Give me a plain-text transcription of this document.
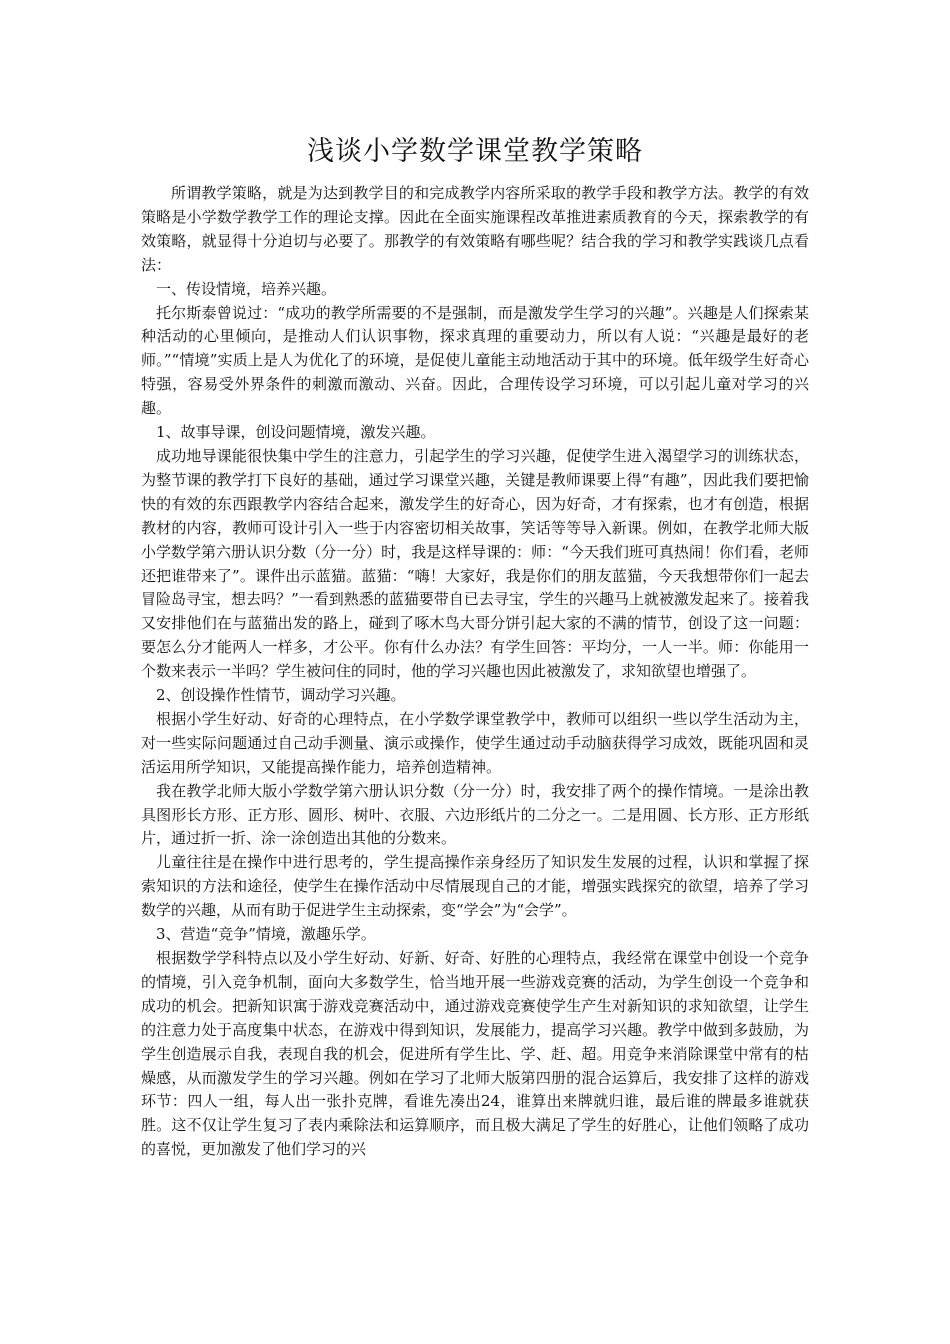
浅谈小学数学课堂教学策略

所谓教学策略，就是为达到教学目的和完成教学内容所采取的教学手段和教学方法。教学的有效策略是小学数学教学工作的理论支撑。因此在全面实施课程改革推进素质教育的今天，探索教学的有效策略，就显得十分迫切与必要了。那教学的有效策略有哪些呢？结合我的学习和教学实践谈几点看法：

一、传设情境，培养兴趣。

托尔斯泰曾说过：“成功的教学所需要的不是强制，而是激发学生学习的兴趣”。兴趣是人们探索某种活动的心里倾向，是推动人们认识事物，探求真理的重要动力，所以有人说：“兴趣是最好的老师。”“情境”实质上是人为优化了的环境，是促使儿童能主动地活动于其中的环境。低年级学生好奇心特强，容易受外界条件的刺激而激动、兴奋。因此，合理传设学习环境，可以引起儿童对学习的兴趣。

1、故事导课，创设问题情境，激发兴趣。

成功地导课能很快集中学生的注意力，引起学生的学习兴趣，促使学生进入渴望学习的训练状态，为整节课的教学打下良好的基础，通过学习课堂兴趣，关键是教师课要上得“有趣”，因此我们要把愉快的有效的东西跟教学内容结合起来，激发学生的好奇心，因为好奇，才有探索，也才有创造，根据教材的内容，教师可设计引入一些于内容密切相关故事，笑话等等导入新课。例如，在教学北师大版小学数学第六册认识分数（分一分）时，我是这样导课的：师：“今天我们班可真热闹！你们看，老师还把谁带来了”。课件出示蓝猫。蓝猫：“嗨！大家好，我是你们的朋友蓝猫，今天我想带你们一起去冒险岛寻宝，想去吗？”一看到熟悉的蓝猫要带自已去寻宝，学生的兴趣马上就被激发起来了。接着我又安排他们在与蓝猫出发的路上，碰到了啄木鸟大哥分饼引起大家的不满的情节，创设了这一问题：要怎么分才能两人一样多，才公平。你有什么办法？有学生回答：平均分，一人一半。师：你能用一个数来表示一半吗？学生被问住的同时，他的学习兴趣也因此被激发了，求知欲望也增强了。

2、创设操作性情节，调动学习兴趣。

根据小学生好动、好奇的心理特点，在小学数学课堂教学中，教师可以组织一些以学生活动为主，对一些实际问题通过自己动手测量、演示或操作，使学生通过动手动脑获得学习成效，既能巩固和灵活运用所学知识，又能提高操作能力，培养创造精神。

我在教学北师大版小学数学第六册认识分数（分一分）时，我安排了两个的操作情境。一是涂出教具图形长方形、正方形、圆形、树叶、衣服、六边形纸片的二分之一。二是用圆、长方形、正方形纸片，通过折一折、涂一涂创造出其他的分数来。

儿童往往是在操作中进行思考的，学生提高操作亲身经历了知识发生发展的过程，认识和掌握了探索知识的方法和途径，使学生在操作活动中尽情展现自己的才能，增强实践探究的欲望，培养了学习数学的兴趣，从而有助于促进学生主动探索，变“学会”为“会学”。

3、营造“竞争”情境，激趣乐学。

根据数学学科特点以及小学生好动、好新、好奇、好胜的心理特点，我经常在课堂中创设一个竞争的情境，引入竞争机制，面向大多数学生，恰当地开展一些游戏竞赛的活动，为学生创设一个竞争和成功的机会。把新知识寓于游戏竞赛活动中，通过游戏竞赛使学生产生对新知识的求知欲望，让学生的注意力处于高度集中状态，在游戏中得到知识，发展能力，提高学习兴趣。教学中做到多鼓励，为学生创造展示自我，表现自我的机会，促进所有学生比、学、赶、超。用竞争来消除课堂中常有的枯燥感，从而激发学生的学习兴趣。例如在学习了北师大版第四册的混合运算后，我安排了这样的游戏环节：四人一组，每人出一张扑克牌，看谁先凑出24，谁算出来牌就归谁，最后谁的牌最多谁就获胜。这不仅让学生复习了表内乘除法和运算顺序，而且极大满足了学生的好胜心，让他们领略了成功的喜悦，更加激发了他们学习的兴
